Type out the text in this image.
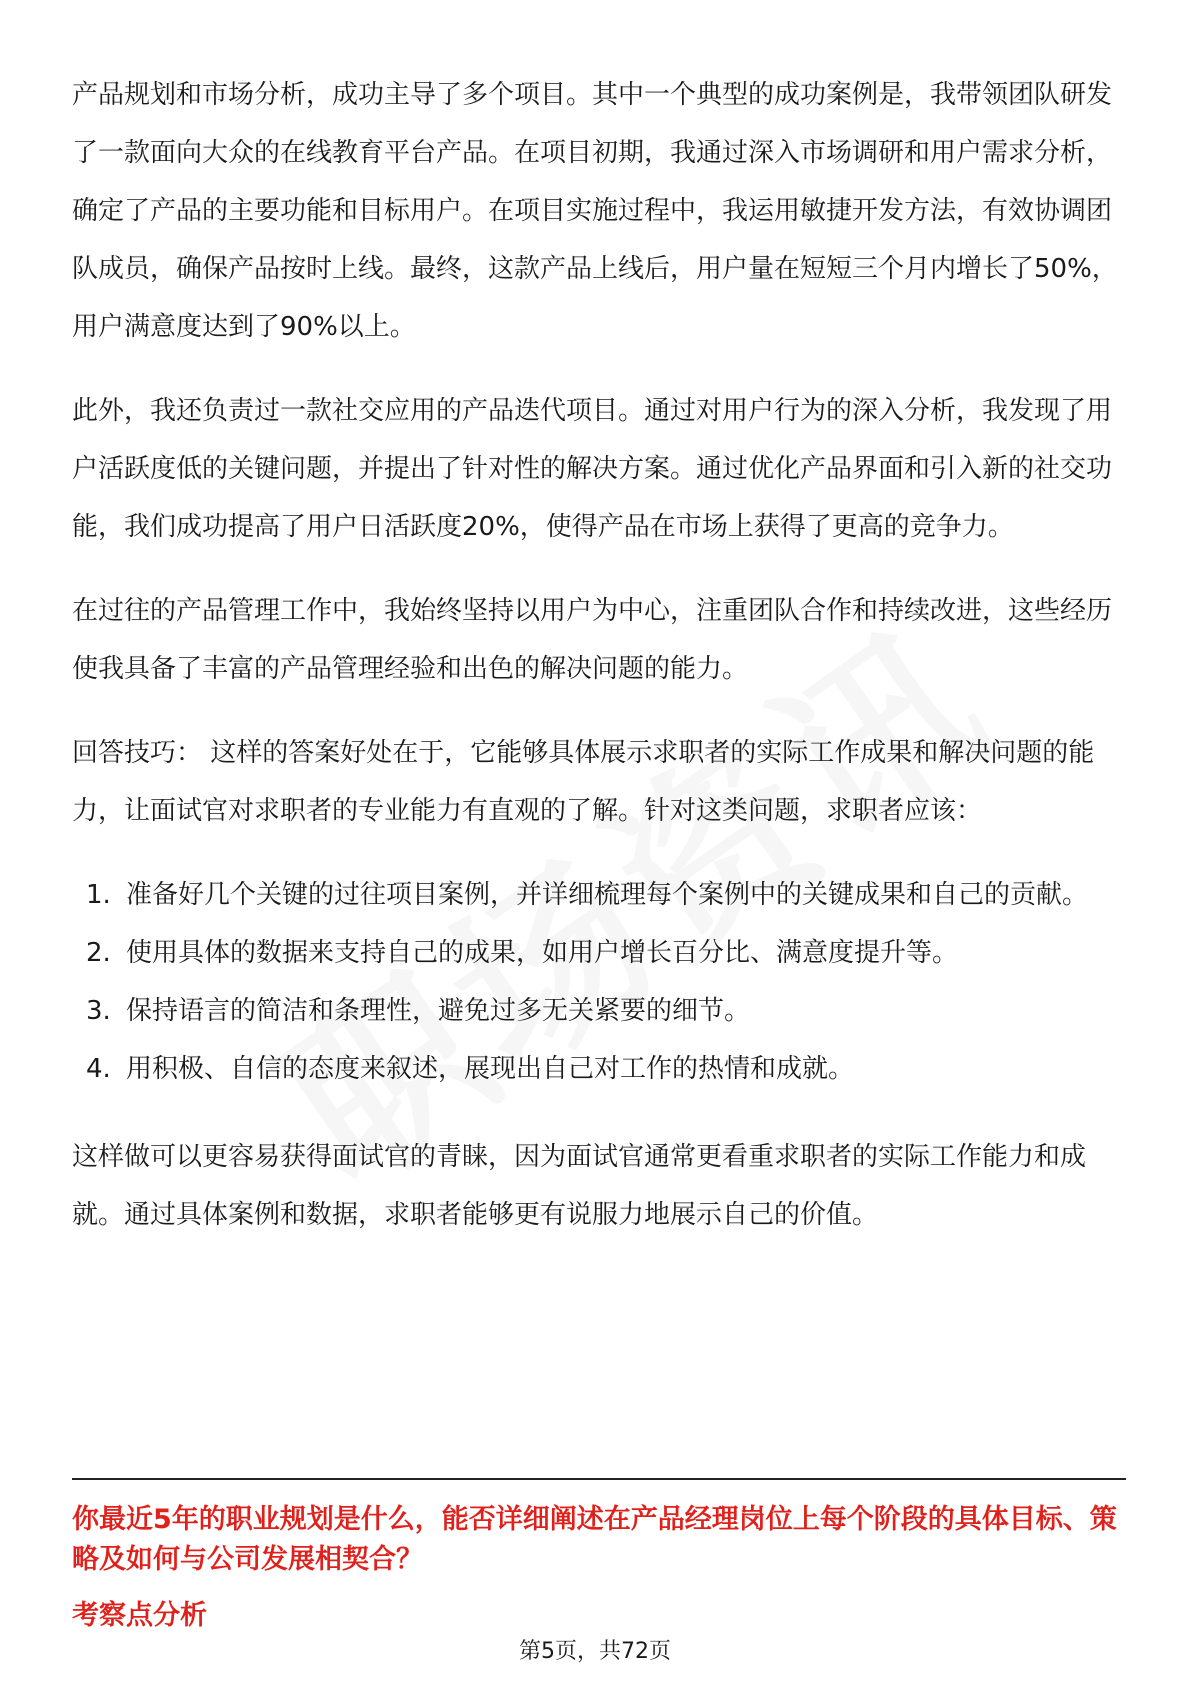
产品规划和市场分析，成功主导了多个项目。其中一个典型的成功案例是，我带领团队研发了一款面向大众的在线教育平台产品。在项目初期，我通过深入市场调研和用户需求分析，确定了产品的主要功能和目标用户。在项目实施过程中，我运用敏捷开发方法，有效协调团队成员，确保产品按时上线。最终，这款产品上线后，用户量在短短三个月内增长了50%，用户满意度达到了90%以上。

此外，我还负责过一款社交应用的产品迭代项目。通过对用户行为的深入分析，我发现了用户活跃度低的关键问题，并提出了针对性的解决方案。通过优化产品界面和引入新的社交功能，我们成功提高了用户日活跃度20%，使得产品在市场上获得了更高的竞争力。

在过往的产品管理工作中，我始终坚持以用户为中心，注重团队合作和持续改进，这些经历使我具备了丰富的产品管理经验和出色的解决问题的能力。

回答技巧： 这样的答案好处在于，它能够具体展示求职者的实际工作成果和解决问题的能力，让面试官对求职者的专业能力有直观的了解。针对这类问题，求职者应该：

1. 准备好几个关键的过往项目案例，并详细梳理每个案例中的关键成果和自己的贡献。
2. 使用具体的数据来支持自己的成果，如用户增长百分比、满意度提升等。
3. 保持语言的简洁和条理性，避免过多无关紧要的细节。
4. 用积极、自信的态度来叙述，展现出自己对工作的热情和成就。

这样做可以更容易获得面试官的青睐，因为面试官通常更看重求职者的实际工作能力和成就。通过具体案例和数据，求职者能够更有说服力地展示自己的价值。

你最近5年的职业规划是什么，能否详细阐述在产品经理岗位上每个阶段的具体目标、策略及如何与公司发展相契合？
考察点分析
第5页，共72页
